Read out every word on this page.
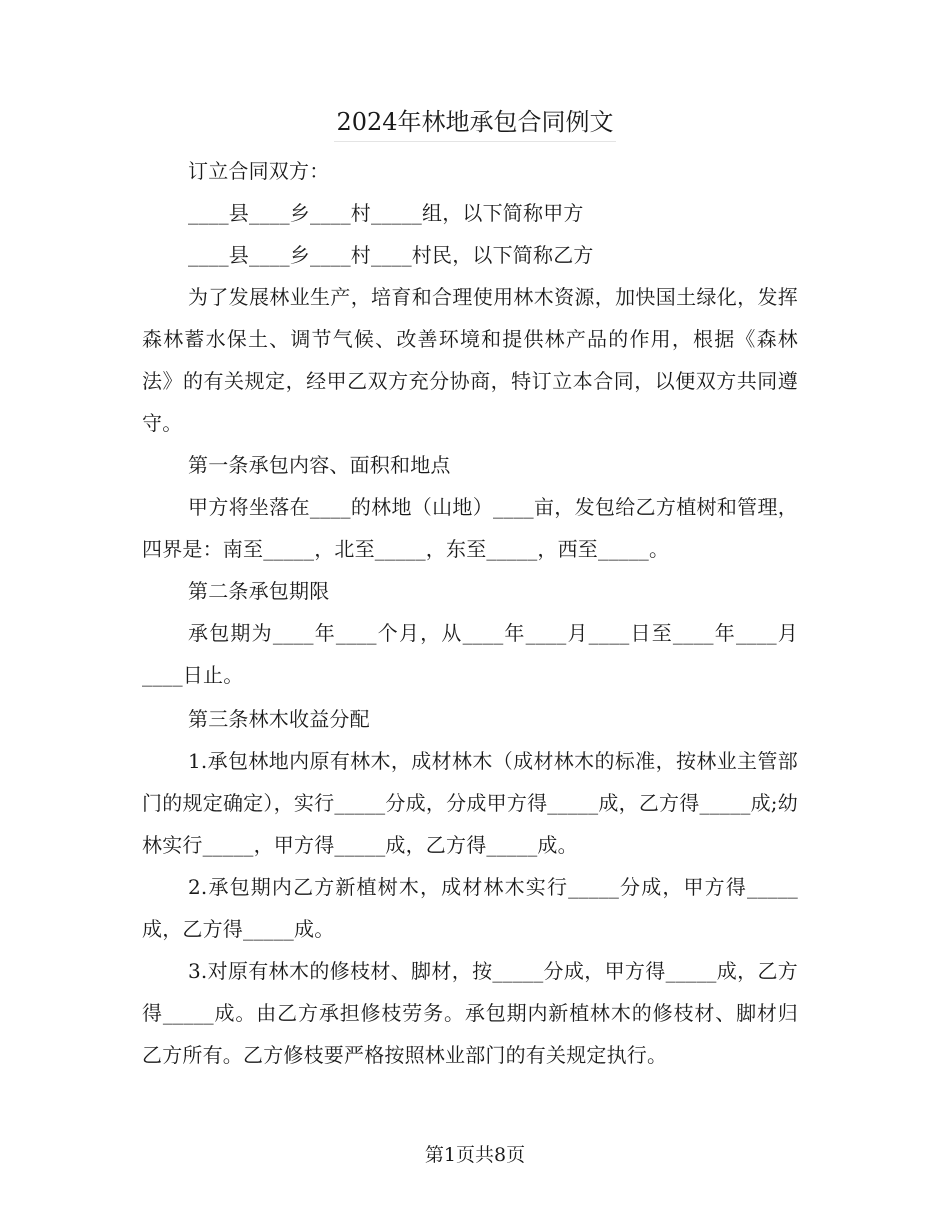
2024年林地承包合同例文

订立合同双方：

____县____乡____村_____组，以下简称甲方

____县____乡____村____村民，以下简称乙方

为了发展林业生产，培育和合理使用林木资源，加快国土绿化，发挥森林蓄水保土、调节气候、改善环境和提供林产品的作用，根据《森林法》的有关规定，经甲乙双方充分协商，特订立本合同，以便双方共同遵守。

第一条承包内容、面积和地点

甲方将坐落在____的林地（山地）____亩，发包给乙方植树和管理，四界是：南至_____，北至_____，东至_____，西至_____。

第二条承包期限

承包期为____年____个月，从____年____月____日至____年____月____日止。

第三条林木收益分配

1.承包林地内原有林木，成材林木（成材林木的标准，按林业主管部门的规定确定），实行_____分成，分成甲方得_____成，乙方得_____成;幼林实行_____，甲方得_____成，乙方得_____成。

2.承包期内乙方新植树木，成材林木实行_____分成，甲方得_____成，乙方得_____成。

3.对原有林木的修枝材、脚材，按_____分成，甲方得_____成，乙方得_____成。由乙方承担修枝劳务。承包期内新植林木的修枝材、脚材归乙方所有。乙方修枝要严格按照林业部门的有关规定执行。

第1页共8页
